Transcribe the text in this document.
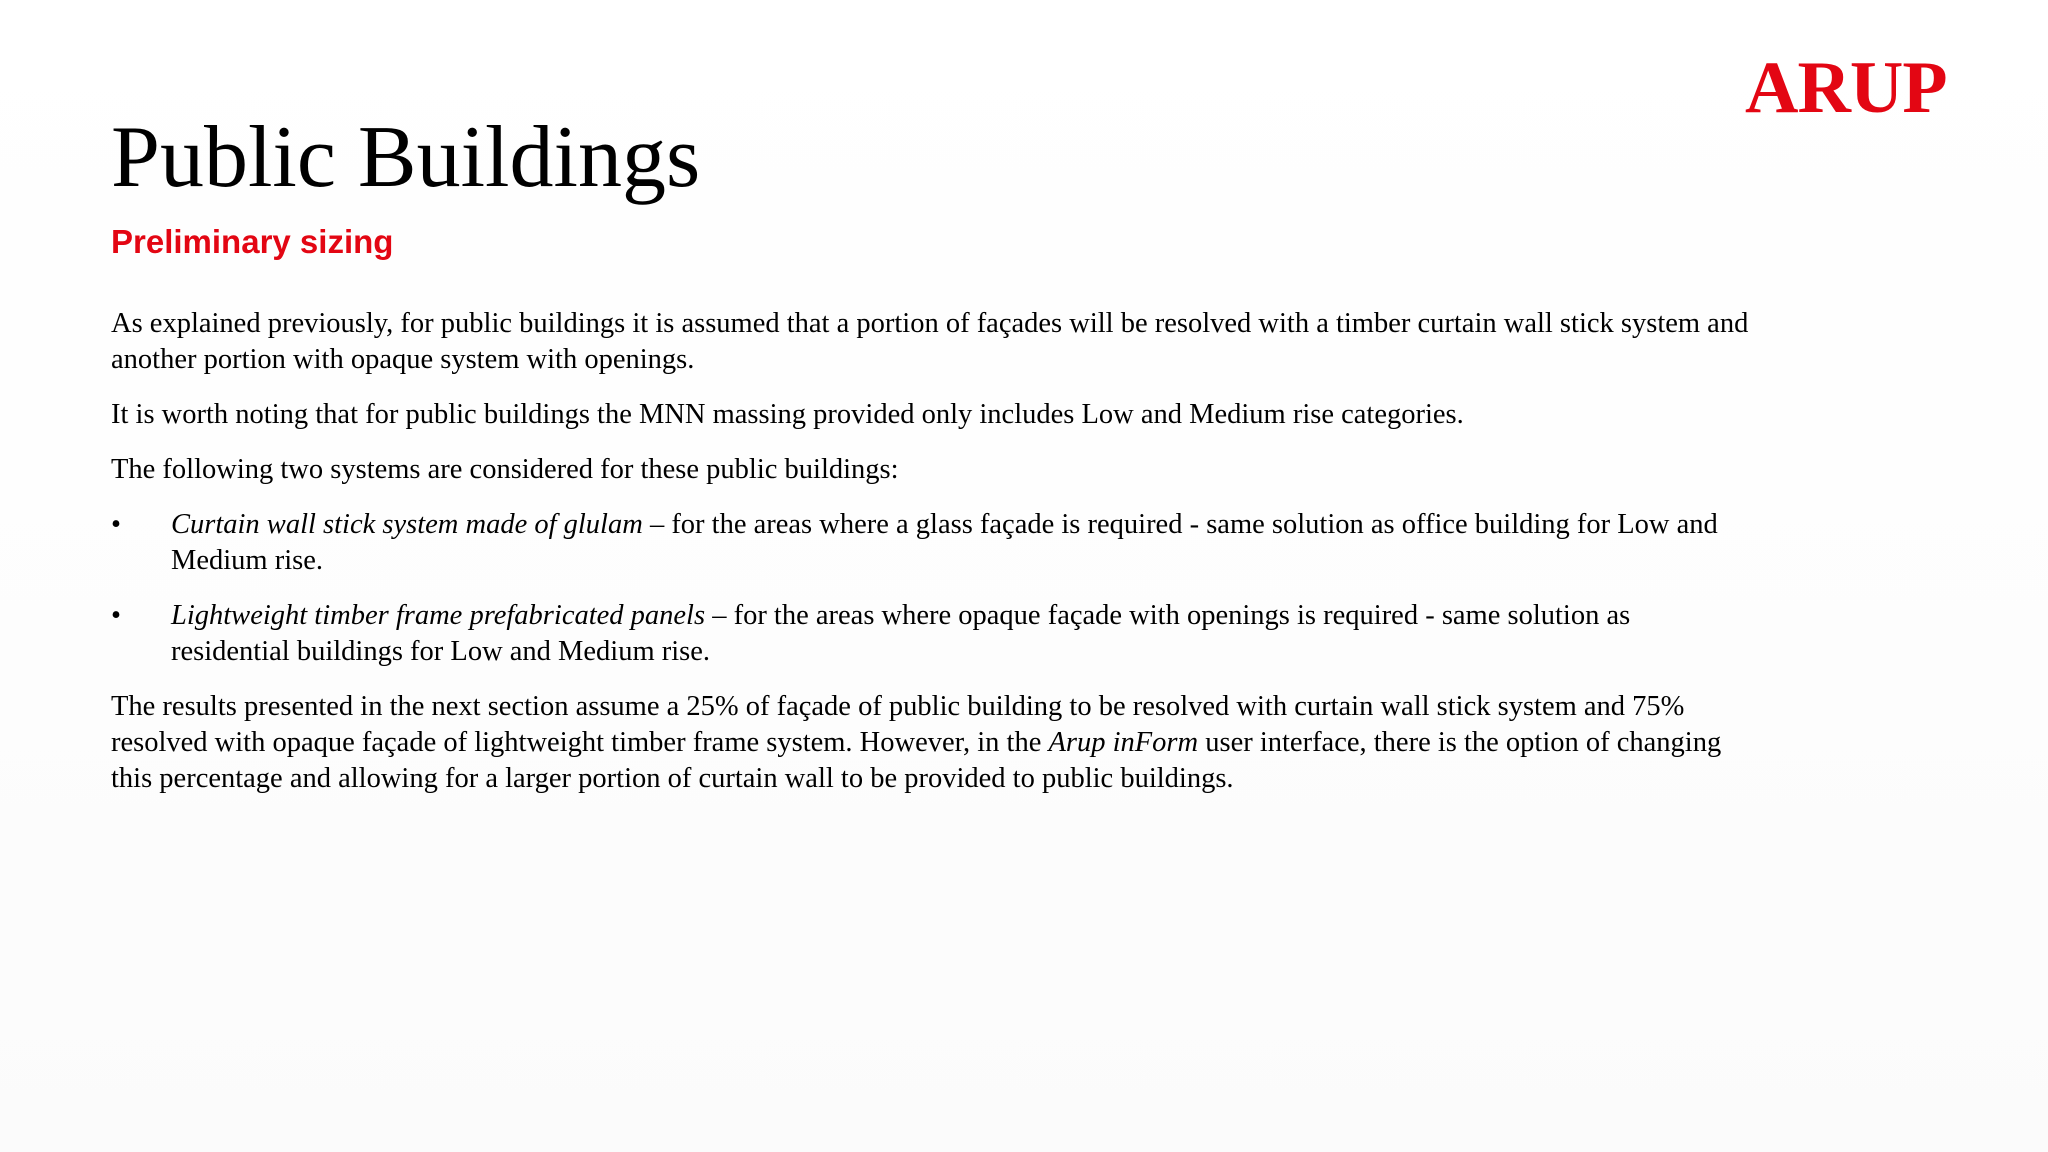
ARUP
Public Buildings
Preliminary sizing

As explained previously, for public buildings it is assumed that a portion of façades will be resolved with a timber curtain wall stick system and another portion with opaque system with openings.

It is worth noting that for public buildings the MNN massing provided only includes Low and Medium rise categories.

The following two systems are considered for these public buildings:

• Curtain wall stick system made of glulam – for the areas where a glass façade is required - same solution as office building for Low and Medium rise.
• Lightweight timber frame prefabricated panels – for the areas where opaque façade with openings is required - same solution as residential buildings for Low and Medium rise.

The results presented in the next section assume a 25% of façade of public building to be resolved with curtain wall stick system and 75% resolved with opaque façade of lightweight timber frame system. However, in the Arup inForm user interface, there is the option of changing this percentage and allowing for a larger portion of curtain wall to be provided to public buildings.
